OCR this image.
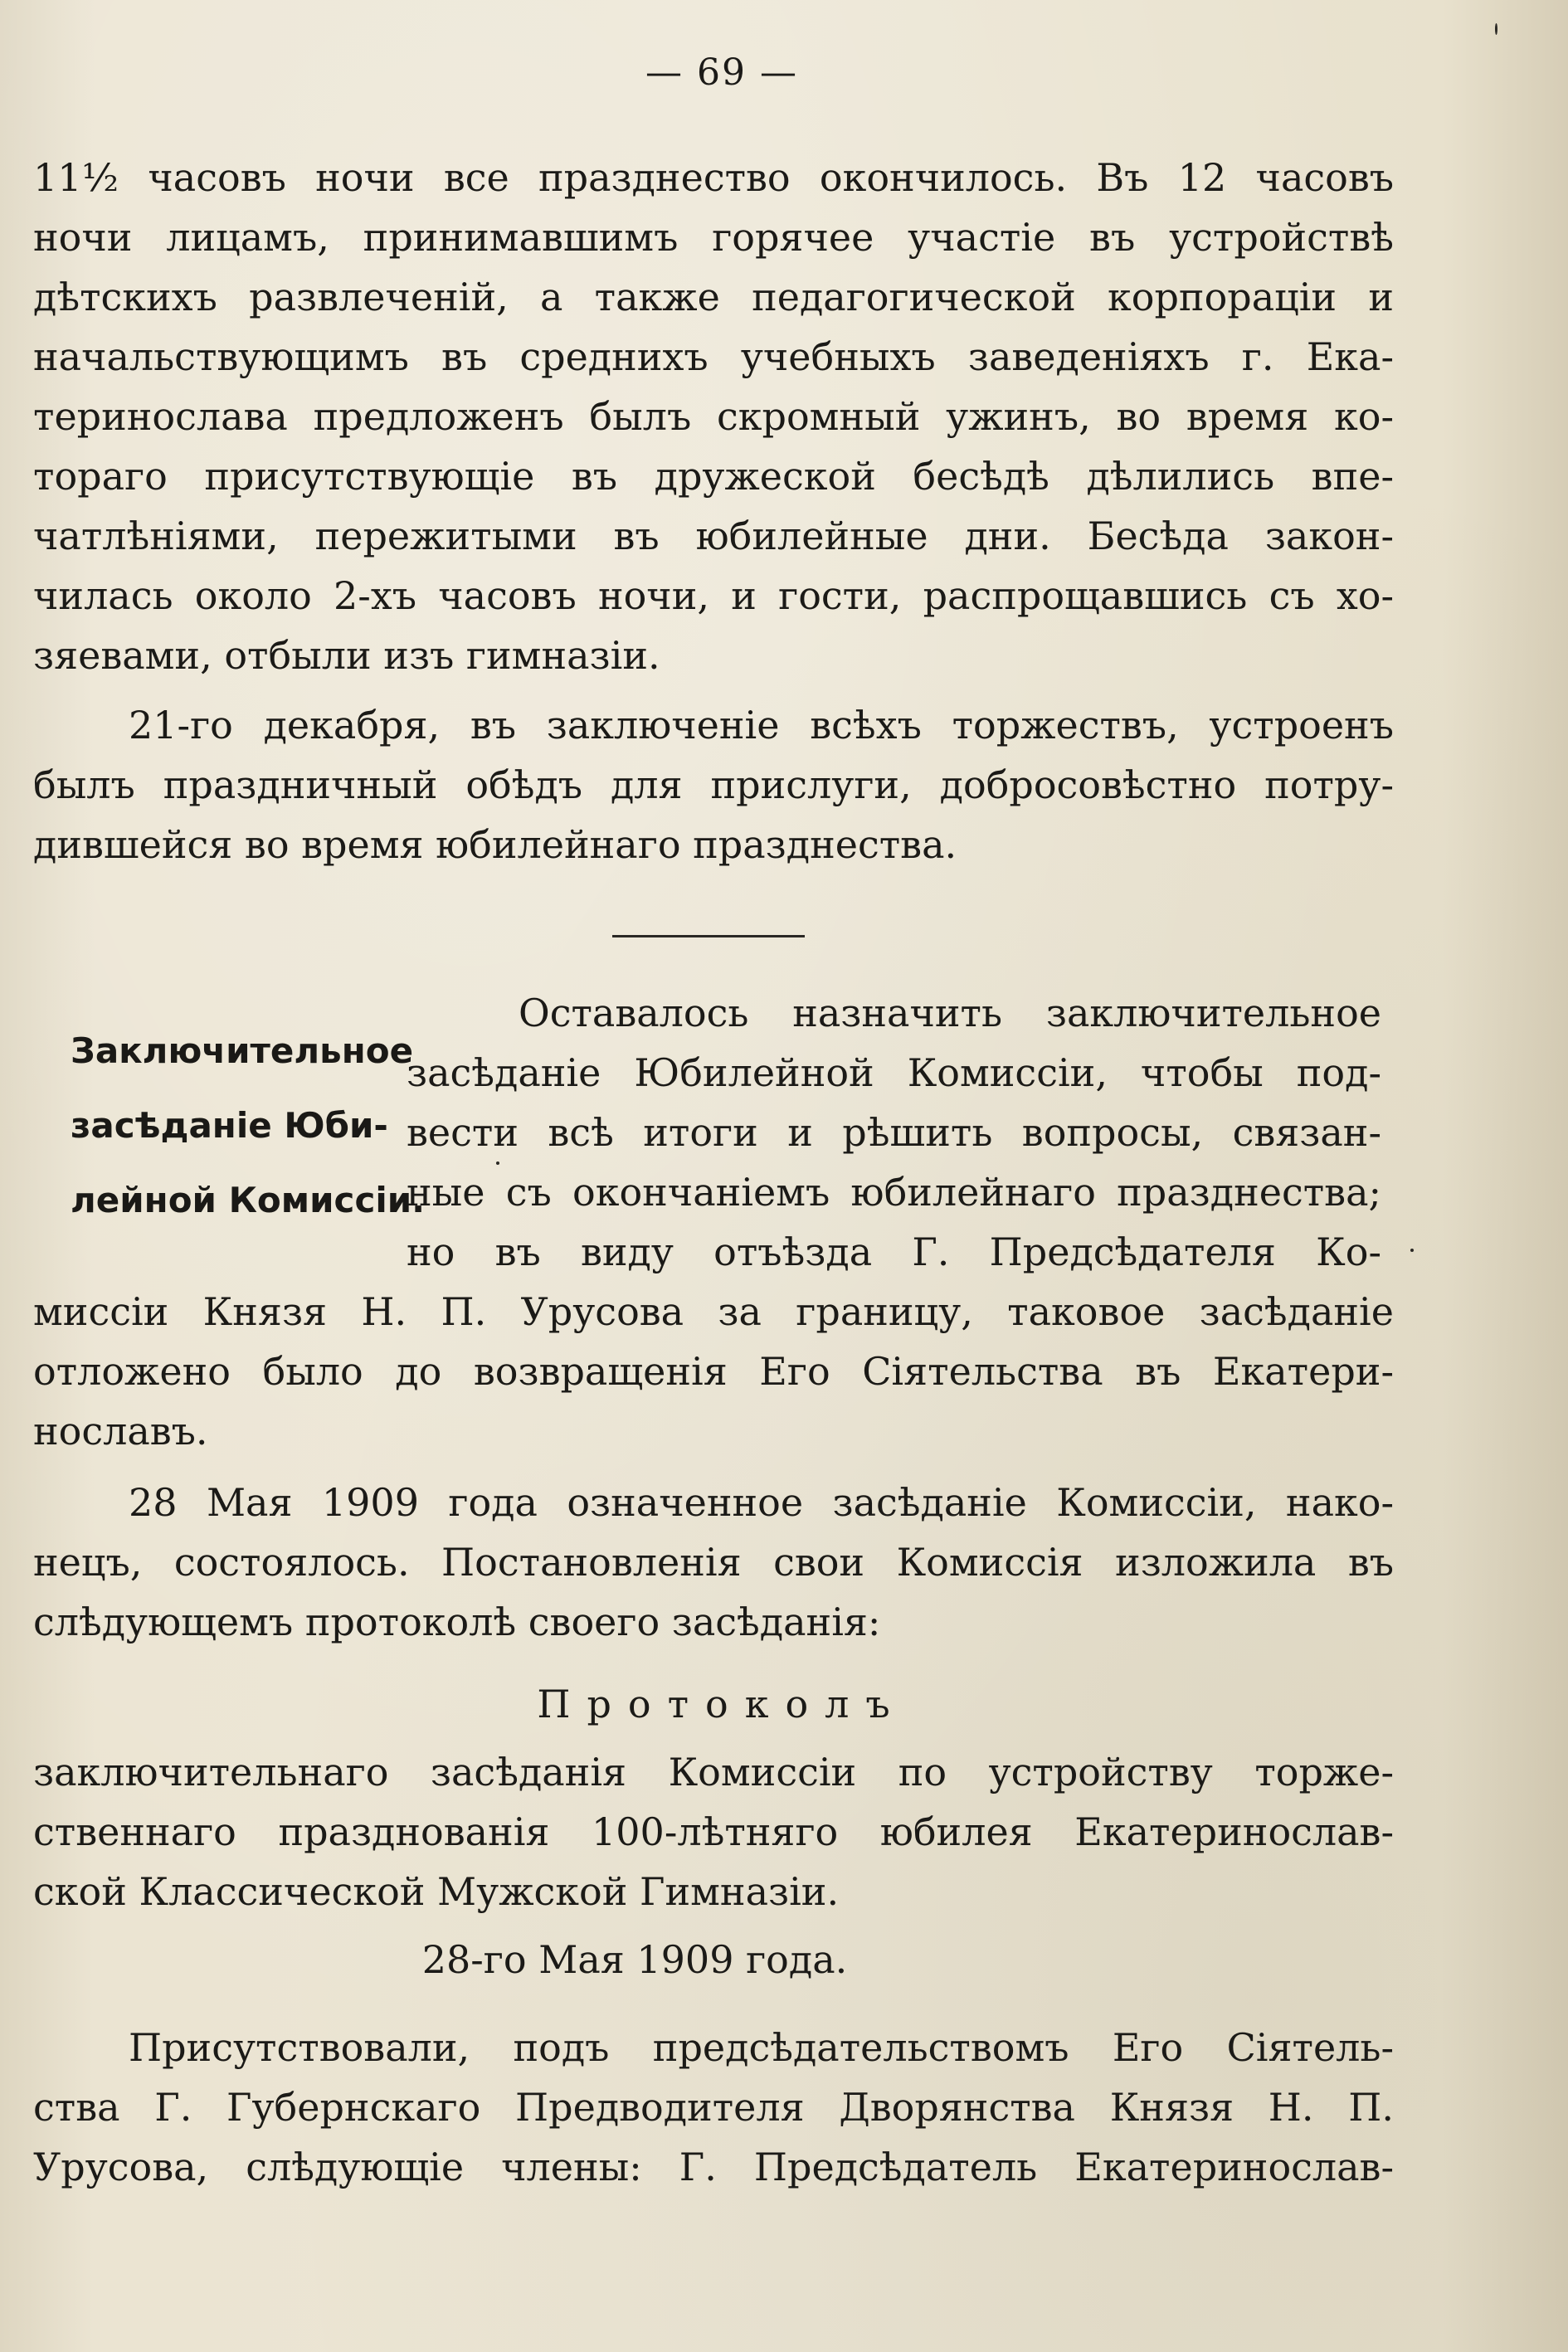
— 69 —
11½ часовъ ночи все празднество окончилось. Въ 12 часовъ
ночи лицамъ, принимавшимъ горячее участіе въ устройствѣ
дѣтскихъ развлеченій, а также педагогической корпораціи и
начальствующимъ въ среднихъ учебныхъ заведеніяхъ г. Ека-
теринослава предложенъ былъ скромный ужинъ, во время ко-
тораго присутствующіе въ дружеской бесѣдѣ дѣлились впе-
чатлѣніями, пережитыми въ юбилейные дни. Бесѣда закон-
чилась около 2-хъ часовъ ночи, и гости, распрощавшись съ хо-
зяевами, отбыли изъ гимназіи.
21-го декабря, въ заключеніе всѣхъ торжествъ, устроенъ
былъ праздничный обѣдъ для прислуги, добросовѣстно потру-
дившейся во время юбилейнаго празднества.
Заключительное
засѣданіе Юби-
лейной Комиссіи.
Оставалось назначить заключительное
засѣданіе Юбилейной Комиссіи, чтобы под-
вести всѣ итоги и рѣшить вопросы, связан-
ные съ окончаніемъ юбилейнаго празднества;
но въ виду отъѣзда Г. Предсѣдателя Ко-
миссіи Князя Н. П. Урусова за границу, таковое засѣданіе
отложено было до возвращенія Его Сіятельства въ Екатери-
нославъ.
28 Мая 1909 года означенное засѣданіе Комиссіи, нако-
нецъ, состоялось. Постановленія свои Комиссія изложила въ
слѣдующемъ протоколѣ своего засѣданія:
Протоколъ
заключительнаго засѣданія Комиссіи по устройству торже-
ственнаго празднованія 100-лѣтняго юбилея Екатеринослав-
ской Классической Мужской Гимназіи.
28-го Мая 1909 года.
Присутствовали, подъ предсѣдательствомъ Его Сіятель-
ства Г. Губернскаго Предводителя Дворянства Князя Н. П.
Урусова, слѣдующіе члены: Г. Предсѣдатель Екатеринослав-
